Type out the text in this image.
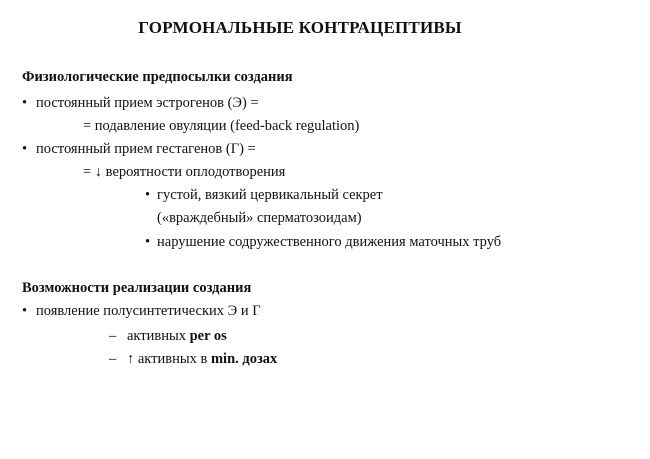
ГОРМОНАЛЬНЫЕ КОНТРАЦЕПТИВЫ
Физиологические предпосылки создания
• постоянный прием эстрогенов (Э) =
= подавление овуляции (feed-back regulation)
• постоянный прием гестагенов (Г) =
= ↓ вероятности оплодотворения
• густой, вязкий цервикальный секрет
(«враждебный» сперматозоидам)
• нарушение содружественного движения маточных труб
Возможности реализации создания
• появление полусинтетических Э и Г
– активных per os
– ↑ активных в min. дозах
